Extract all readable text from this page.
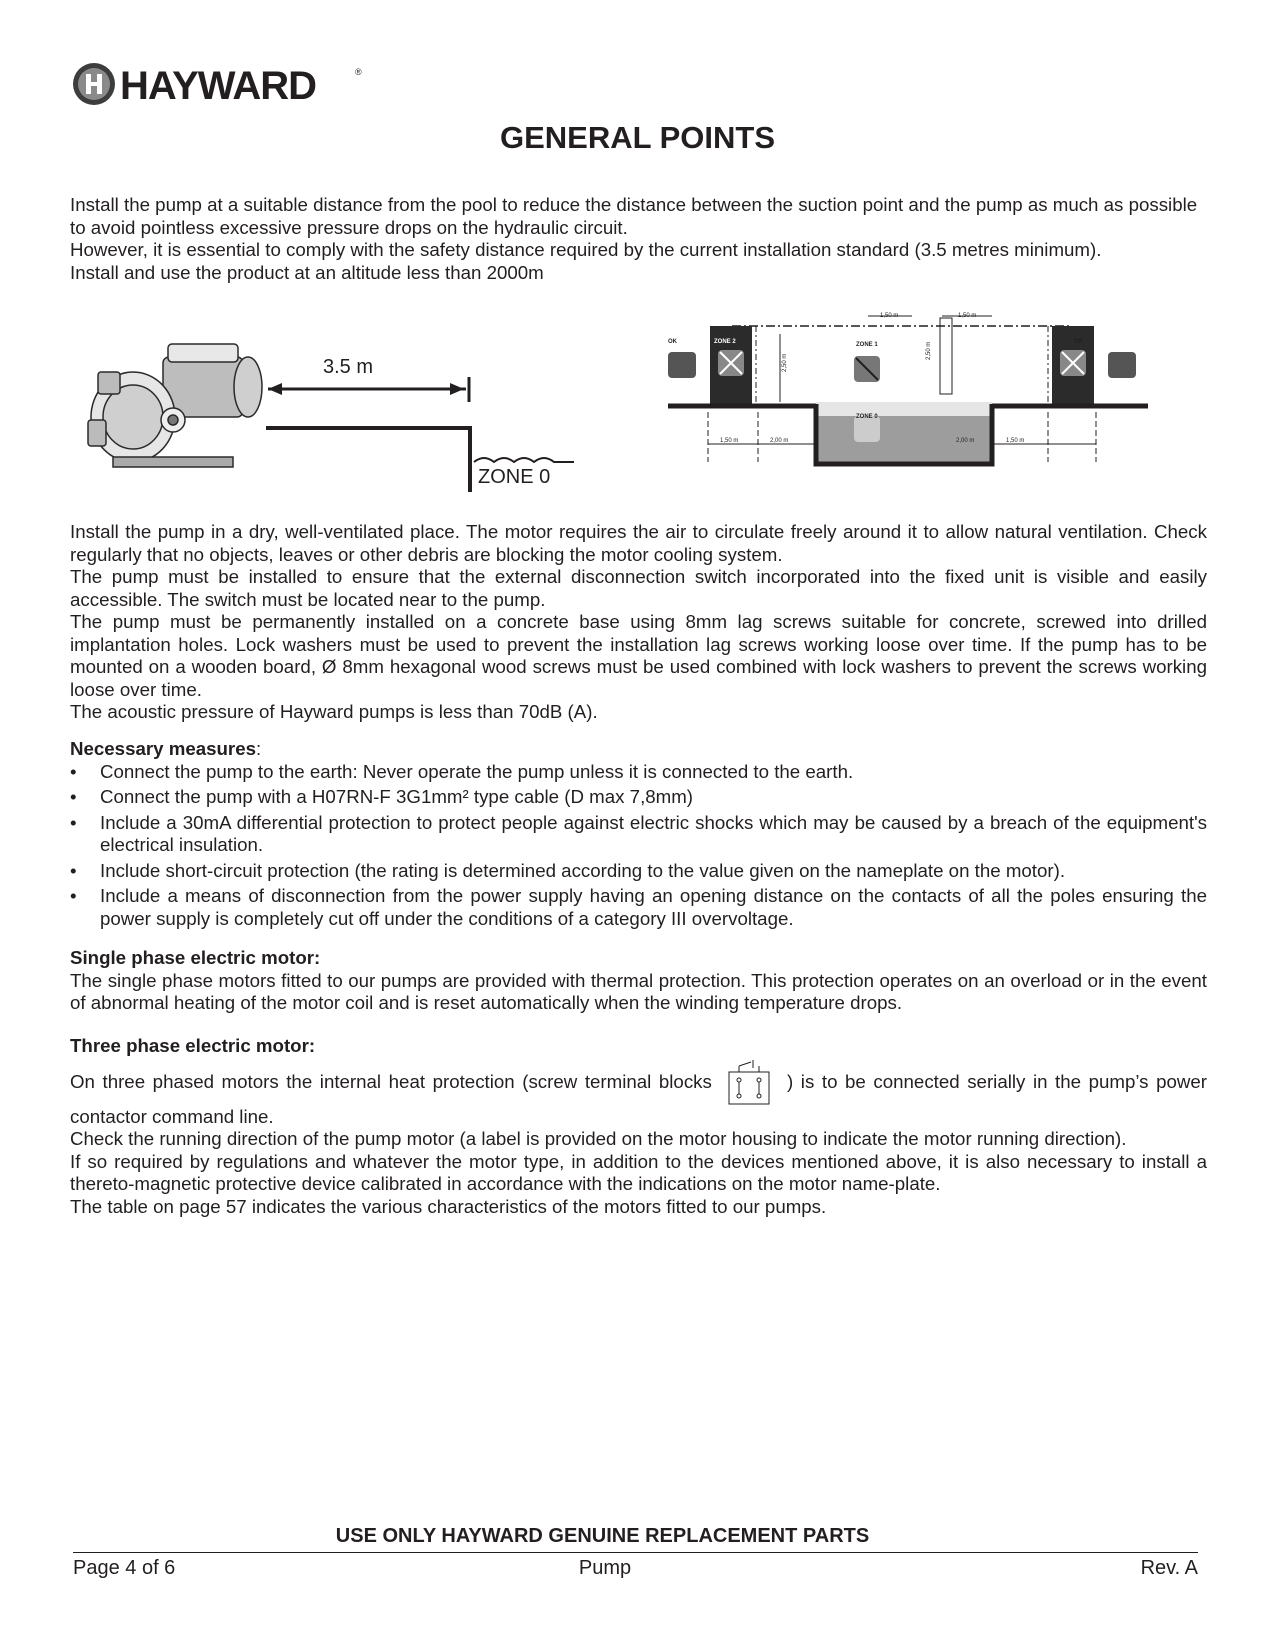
HAYWARD	®
GENERAL POINTS

Install the pump at a suitable distance from the pool to reduce the distance between the suction point and the pump as much as possible to avoid pointless excessive pressure drops on the hydraulic circuit.

However, it is essential to comply with the safety distance required by the current installation standard (3.5 metres minimum).

Install and use the product at an altitude less than 2000m

3.5 m
ZONE 0
OK	OK
ZONE 2	ZONE 2
ZONE 1
ZONE 0
1,50 m	1,50 m
1,50 m	2,00 m	2,00 m	1,50 m
2,50 m
2,50 m

Install the pump in a dry, well-ventilated place. The motor requires the air to circulate freely around it to allow natural ventilation. Check regularly that no objects, leaves or other debris are blocking the motor cooling system.

The pump must be installed to ensure that the external disconnection switch incorporated into the fixed unit is visible and easily accessible. The switch must be located near to the pump.

The pump must be permanently installed on a concrete base using 8mm lag screws suitable for concrete, screwed into drilled implantation holes. Lock washers must be used to prevent the installation lag screws working loose over time. If the pump has to be mounted on a wooden board, Ø 8mm hexagonal wood screws must be used combined with lock washers to prevent the screws working loose over time.

The acoustic pressure of Hayward pumps is less than 70dB (A).

Necessary measures:

• Connect the pump to the earth: Never operate the pump unless it is connected to the earth.
• Connect the pump with a H07RN-F 3G1mm² type cable (D max 7,8mm)
• Include a 30mA differential protection to protect people against electric shocks which may be caused by a breach of the equipment's electrical insulation.
• Include short-circuit protection (the rating is determined according to the value given on the nameplate on the motor).
• Include a means of disconnection from the power supply having an opening distance on the contacts of all the poles ensuring the power supply is completely cut off under the conditions of a category III overvoltage.

Single phase electric motor:

The single phase motors fitted to our pumps are provided with thermal protection. This protection operates on an overload or in the event of abnormal heating of the motor coil and is reset automatically when the winding temperature drops.

Three phase electric motor:

On three phased motors the internal heat protection (screw terminal blocks	) is to be connected serially in the pump’s power contactor command line.

Check the running direction of the pump motor (a label is provided on the motor housing to indicate the motor running direction).

If so required by regulations and whatever the motor type, in addition to the devices mentioned above, it is also necessary to install a thereto-magnetic protective device calibrated in accordance with the indications on the motor name-plate.

The table on page 57 indicates the various characteristics of the motors fitted to our pumps.

USE ONLY HAYWARD GENUINE REPLACEMENT PARTS
Page 4 of 6	Pump	Rev. A
